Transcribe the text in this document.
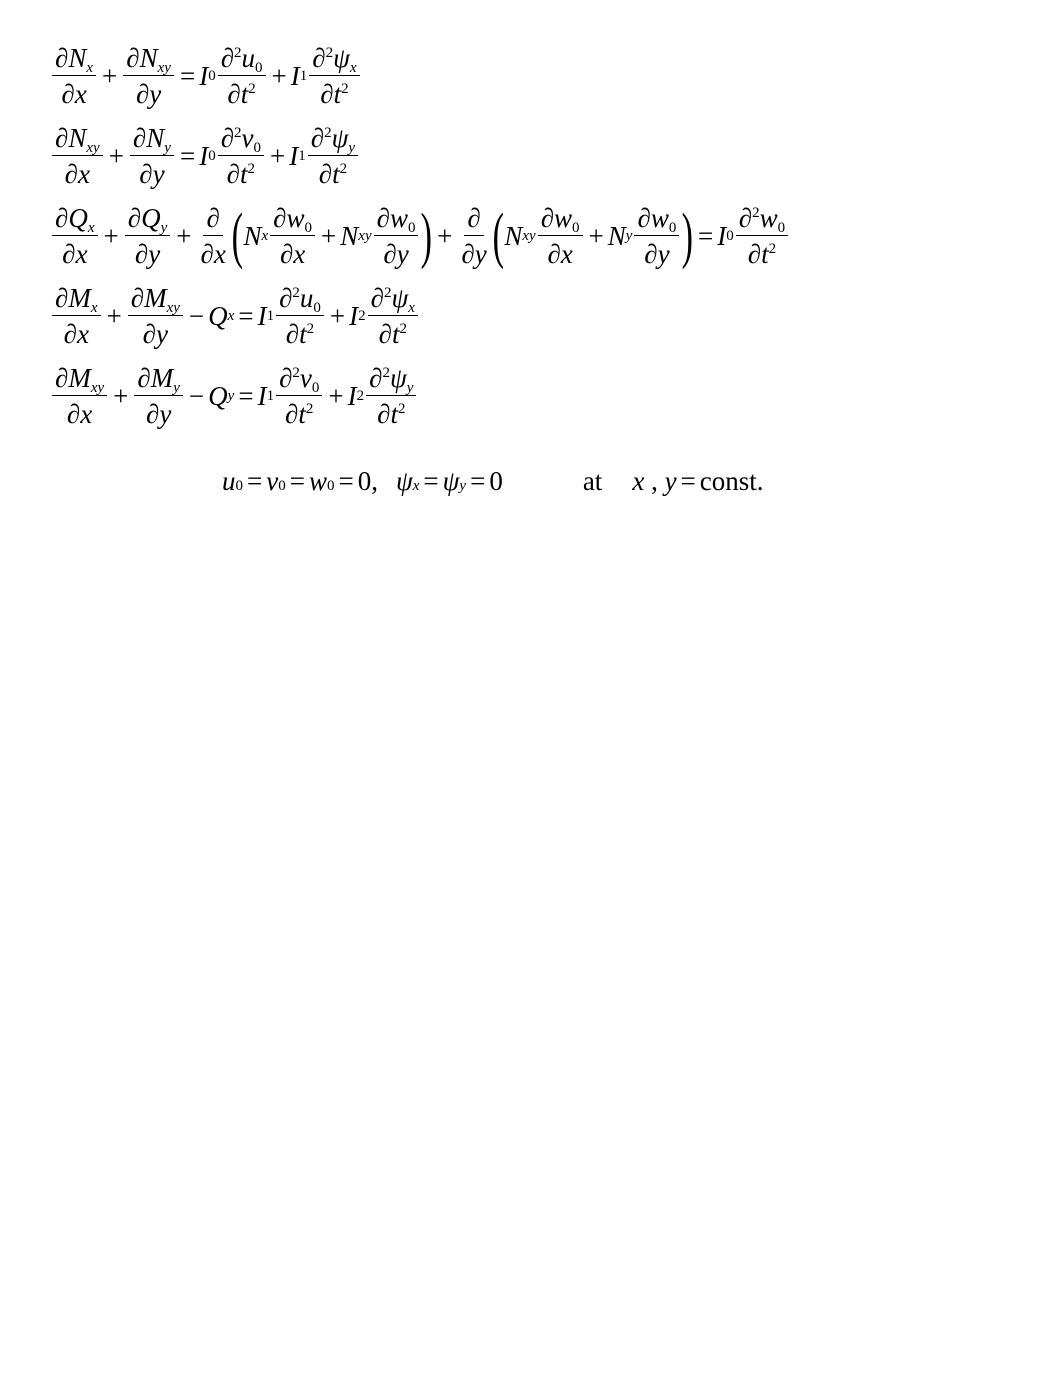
$\frac{\partial N_x}{\partial x} + \frac{\partial N_{xy}}{\partial y} = I$ $0 \frac{\partial^2u_0}{\partial t^2} + I$ $1 \frac{\partial^2\psi_x}{\partial t^2}$
$\frac{\partial N_{xy}}{\partial x} + \frac{\partial N_y}{\partial y} = I$ $0 \frac{\partial^2v_0}{\partial t^2} + I$ $1 \frac{\partial^2\psi_y}{\partial t^2}$
$\frac{\partial Q_x}{\partial x} + \frac{\partial Q_y}{\partial y} + \frac{\partial}{\partial x}$ ( N x $\frac{\partial w_0}{\partial x} + N$ xy $\frac{\partial w_0}{\partial y}$ ) + $\frac{\partial}{\partial y}$ ( N xy $\frac{\partial w_0}{\partial x} + N$ y $\frac{\partial w_0}{\partial y}$ ) = I $0 \frac{\partial^2w_0}{\partial t^2}$
$\frac{\partial M_x}{\partial x} + \frac{\partial M_{xy}}{\partial y} - Q$ x = I $1 \frac{\partial^2u_0}{\partial t^2} + I$ $2 \frac{\partial^2\psi_x}{\partial t^2}$
$\frac{\partial M_{xy}}{\partial x} + \frac{\partial M_y}{\partial y} - Q$ y = I $1 \frac{\partial^2v_0}{\partial t^2} + I$ $2 \frac{\partial^2\psi_y}{\partial t^2}$
u 0 = v 0 = w 0 = 0, ψ x = ψ y = 0	at x , y = const.
